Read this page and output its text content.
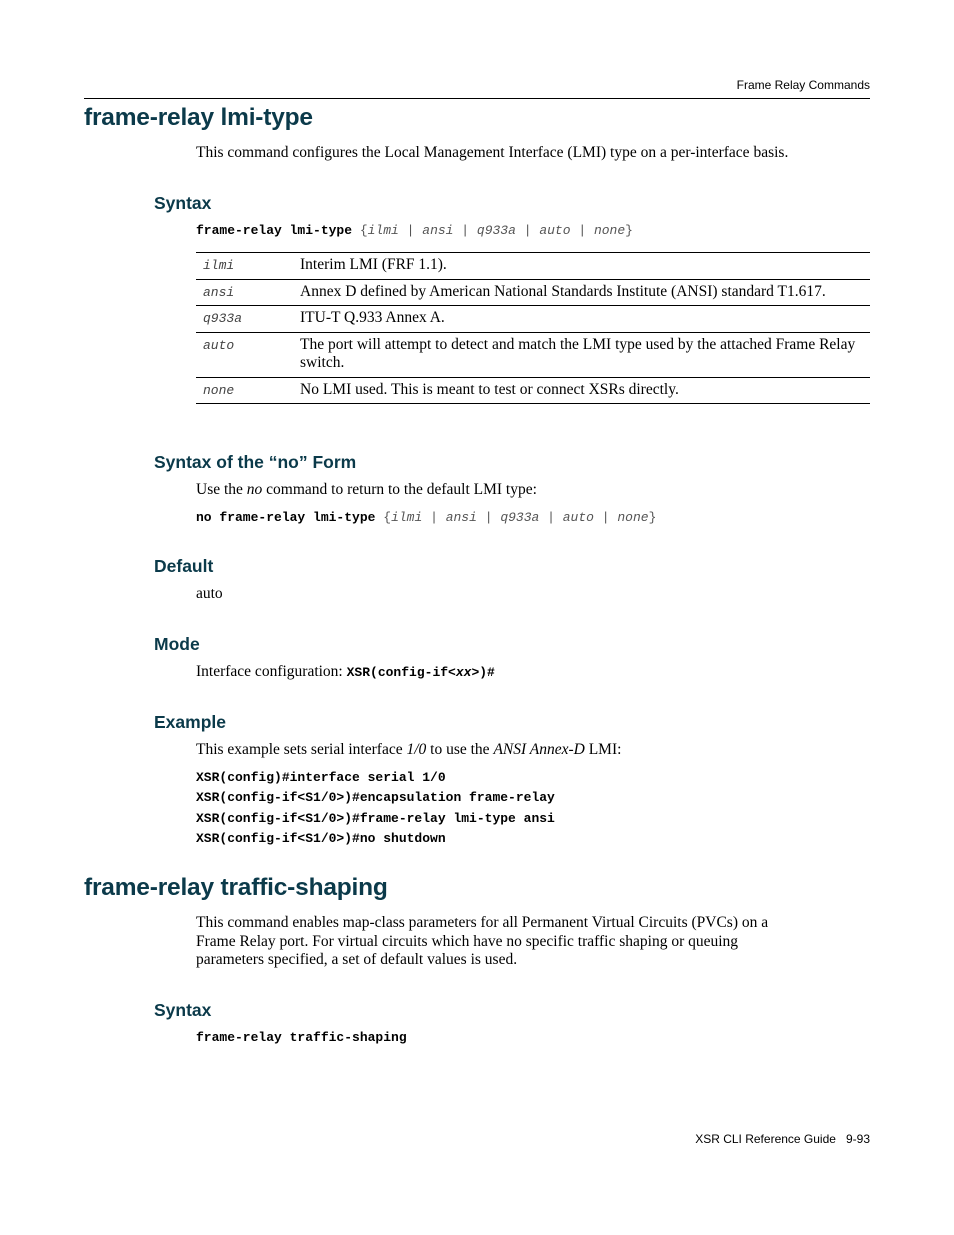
Frame Relay Commands
frame-relay lmi-type
This command configures the Local Management Interface (LMI) type on a per-interface basis.
Syntax
frame-relay lmi-type {ilmi | ansi | q933a | auto | none}
ilmi	Interim LMI (FRF 1.1).
ansi	Annex D defined by American National Standards Institute (ANSI) standard T1.617.
q933a	ITU-T Q.933 Annex A.
auto	The port will attempt to detect and match the LMI type used by the attached Frame Relay switch.
none	No LMI used. This is meant to test or connect XSRs directly.
Syntax of the “no” Form
Use the no command to return to the default LMI type:
no frame-relay lmi-type {ilmi | ansi | q933a | auto | none}
Default
auto
Mode
Interface configuration: XSR(config-if<xx>)#
Example
This example sets serial interface 1/0 to use the ANSI Annex-D LMI:
XSR(config)#interface serial 1/0
XSR(config-if<S1/0>)#encapsulation frame-relay
XSR(config-if<S1/0>)#frame-relay lmi-type ansi
XSR(config-if<S1/0>)#no shutdown
frame-relay traffic-shaping
This command enables map-class parameters for all Permanent Virtual Circuits (PVCs) on a
Frame Relay port. For virtual circuits which have no specific traffic shaping or queuing
parameters specified, a set of default values is used.
Syntax
frame-relay traffic-shaping
XSR CLI Reference Guide 9-93
